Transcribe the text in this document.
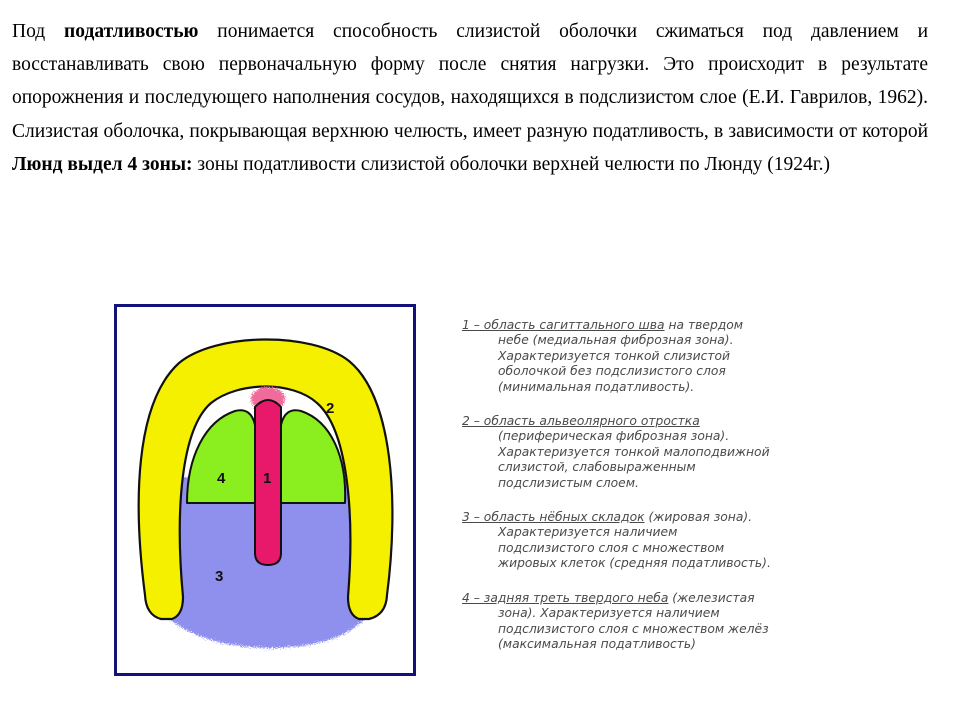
Под податливостью понимается способность слизистой оболочки сжиматься под давлением и восстанавливать свою первоначальную форму после снятия нагрузки. Это происходит в результате опорожнения и последующего наполнения сосудов, находящихся в подслизистом слое (Е.И. Гаврилов, 1962). Слизистая оболочка, покрывающая верхнюю челюсть, имеет разную податливость, в зависимости от которой Люнд выдел 4 зоны: зоны податливости слизистой оболочки верхней челюсти по Люнду (1924г.)

1
2
3
4
1 – область сагиттального шва на твердом
небе (медиальная фиброзная зона).
Характеризуется тонкой слизистой
оболочкой без подслизистого слоя
(минимальная податливость).
2 – область альвеолярного отростка
(периферическая фиброзная зона).
Характеризуется тонкой малоподвижной
слизистой, слабовыраженным
подслизистым слоем.
3 – область нёбных складок (жировая зона).
Характеризуется наличием
подслизистого слоя с множеством
жировых клеток (средняя податливость).
4 – задняя треть твердого неба (железистая
зона). Характеризуется наличием
подслизистого слоя с множеством желёз
(максимальная податливость)
